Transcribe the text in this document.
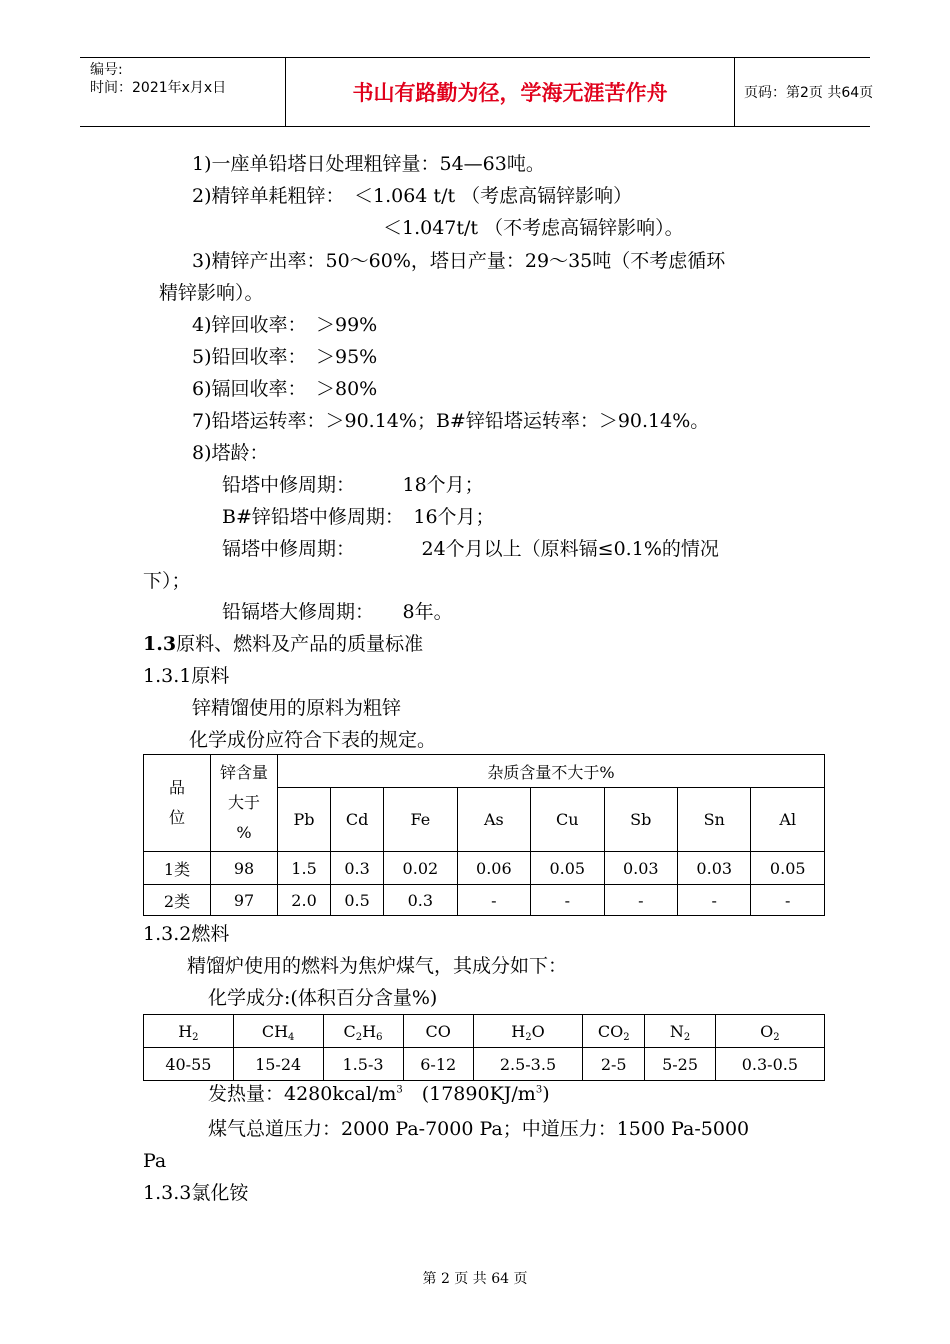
编号:
时间：2021年x月x日	书山有路勤为径，学海无涯苦作舟	页码：第2页 共64页
1)一座单铅塔日处理粗锌量：54—63吨。
2)精锌单耗粗锌：　＜1.064 t/t （考虑高镉锌影响）
＜1.047t/t （不考虑高镉锌影响）。
3)精锌产出率：50～60%，塔日产量：29～35吨（不考虑循环
精锌影响）。
4)锌回收率：　＞99%
5)铅回收率：　＞95%
6)镉回收率：　＞80%
7)铅塔运转率：＞90.14%；B#锌铅塔运转率：＞90.14%。
8)塔龄：
铅塔中修周期：　　　18个月；
B#锌铅塔中修周期：　16个月；
镉塔中修周期：　　　　24个月以上（原料镉≤0.1%的情况
下）；
铅镉塔大修周期：　　8年。
1.3原料、燃料及产品的质量标准
1.3.1原料
锌精馏使用的原料为粗锌
化学成份应符合下表的规定。
品
位	锌含量
大于
%	杂质含量不大于%							
		Pb	Cd	Fe	As	Cu	Sb	Sn	Al
1类	98	1.5	0.3	0.02	0.06	0.05	0.03	0.03	0.05
2类	97	2.0	0.5	0.3	-	-	-	-	-
1.3.2燃料
精馏炉使用的燃料为焦炉煤气，其成分如下：
化学成分:(体积百分含量%)
$H_2$	$CH_4$	$C_2H_6$	CO	$H_2O$	$CO_2$	$N_2$	$O_2$
40-55	15-24	1.5-3	6-12	2.5-3.5	2-5	5-25	0.3-0.5
发热量：$4280kcal/m^3$　$(17890KJ/m^3)$
煤气总道压力：2000 Pa-7000 Pa；中道压力：1500 Pa-5000
Pa
1.3.3氯化铵
第 2 页 共 64 页
